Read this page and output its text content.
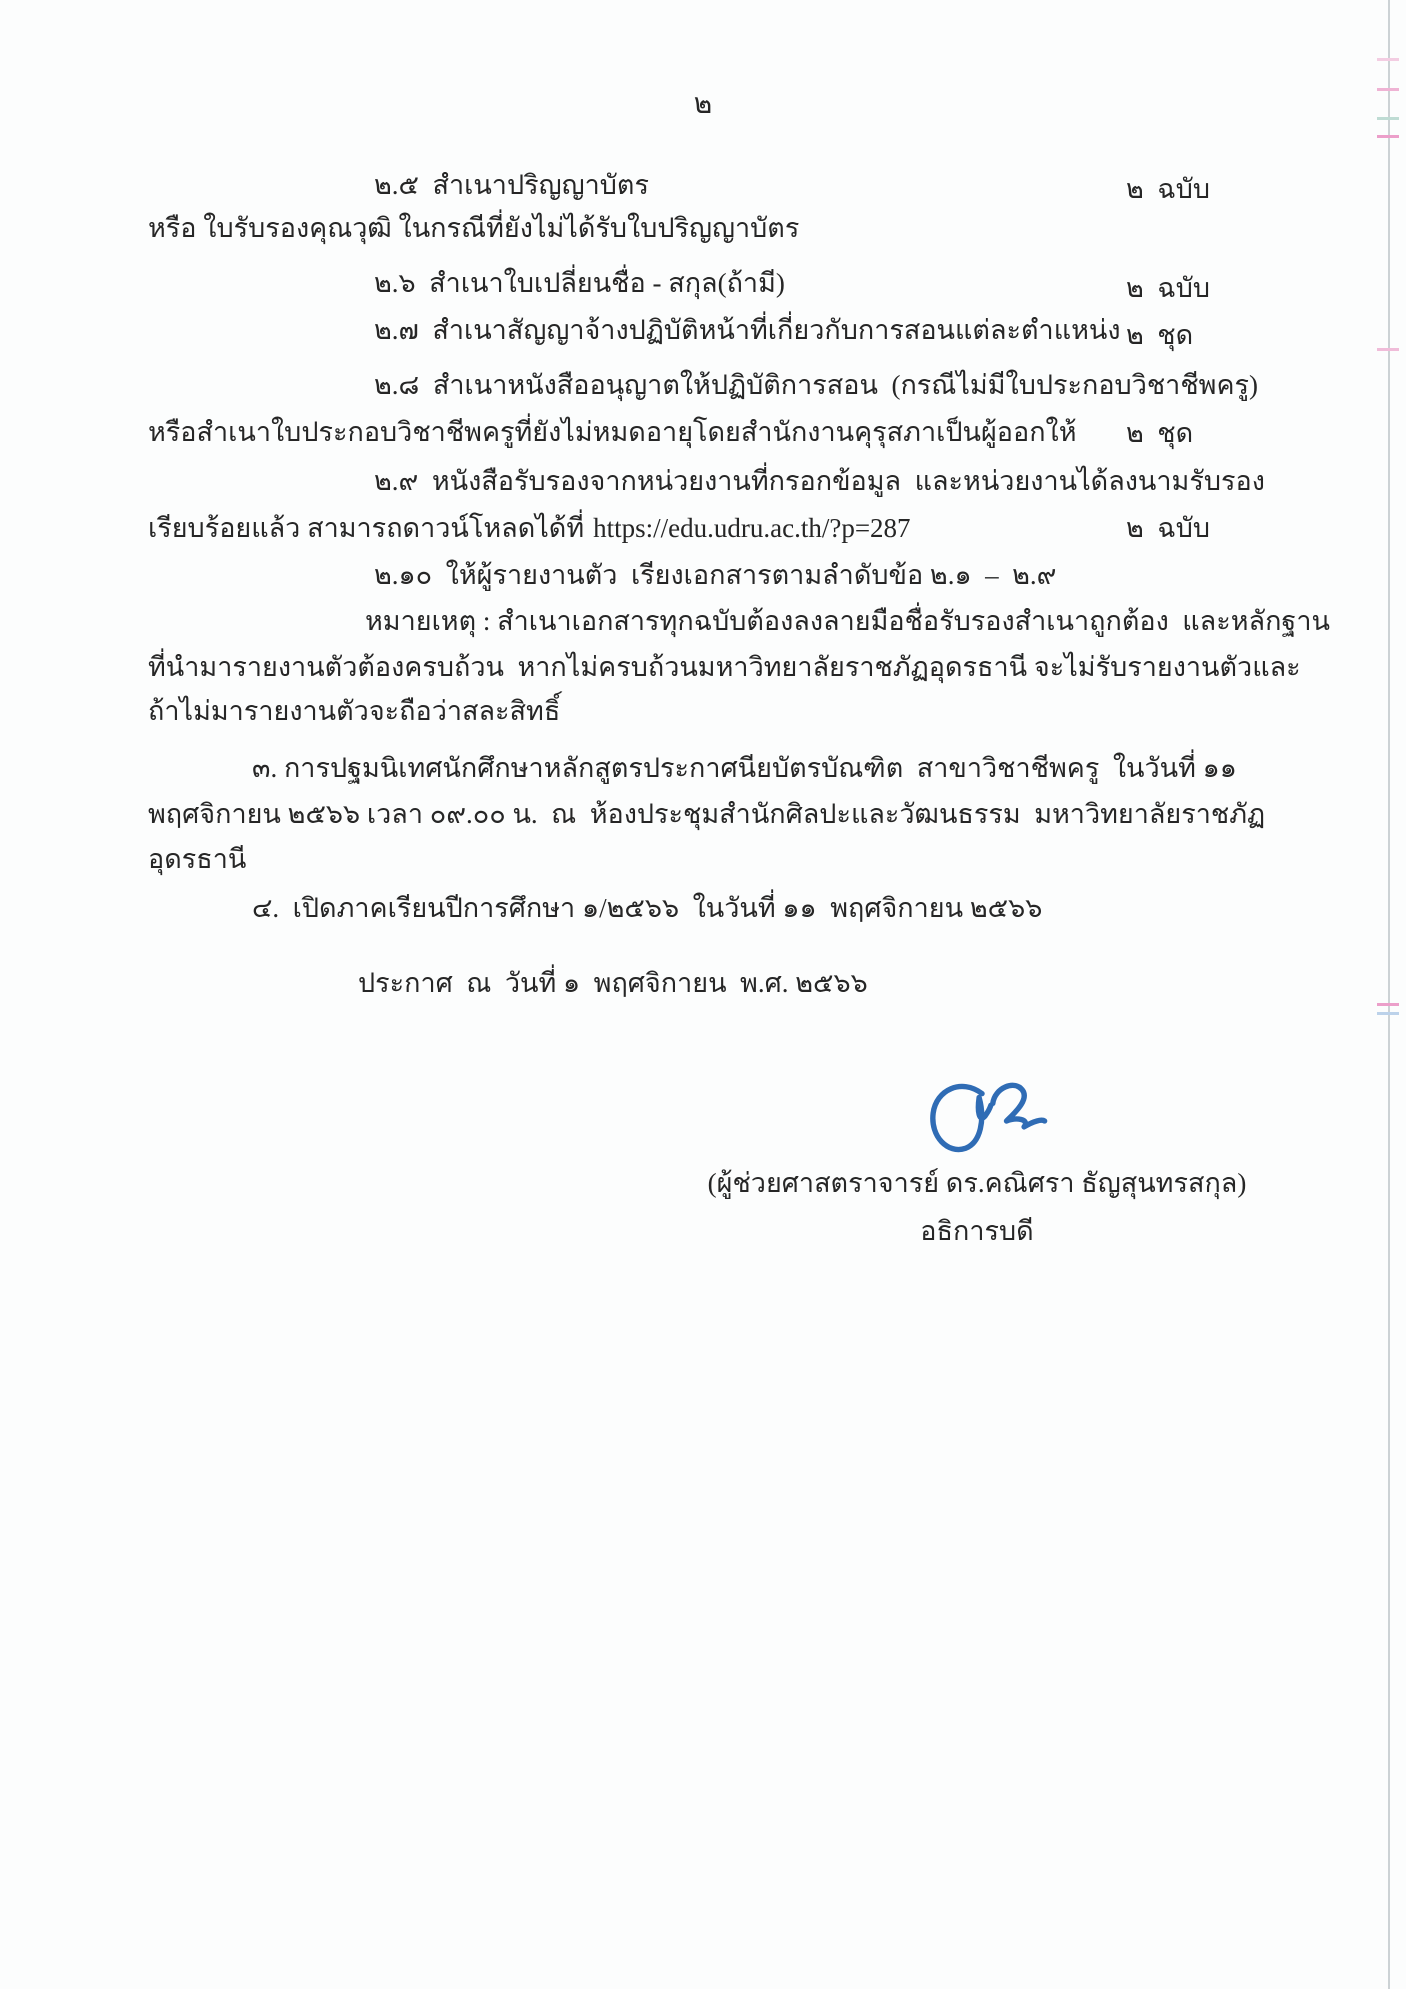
๒
๒.๕  สำเนาปริญญาบัตร	๒  ฉบับ
หรือ ใบรับรองคุณวุฒิ ในกรณีที่ยังไม่ได้รับใบปริญญาบัตร
๒.๖  สำเนาใบเปลี่ยนชื่อ - สกุล(ถ้ามี)	๒  ฉบับ
๒.๗  สำเนาสัญญาจ้างปฏิบัติหน้าที่เกี่ยวกับการสอนแต่ละตำแหน่ง ๒  ชุด
๒.๘  สำเนาหนังสืออนุญาตให้ปฏิบัติการสอน  (กรณีไม่มีใบประกอบวิชาชีพครู)
หรือสำเนาใบประกอบวิชาชีพครูที่ยังไม่หมดอายุโดยสำนักงานคุรุสภาเป็นผู้ออกให้ ๒  ชุด
๒.๙  หนังสือรับรองจากหน่วยงานที่กรอกข้อมูล  และหน่วยงานได้ลงนามรับรอง
เรียบร้อยแล้ว สามารถดาวน์โหลดได้ที่ https://edu.udru.ac.th/?p=287	๒  ฉบับ
๒.๑๐  ให้ผู้รายงานตัว  เรียงเอกสารตามลำดับข้อ ๒.๑  –  ๒.๙
หมายเหตุ : สำเนาเอกสารทุกฉบับต้องลงลายมือชื่อรับรองสำเนาถูกต้อง  และหลักฐาน
ที่นำมารายงานตัวต้องครบถ้วน  หากไม่ครบถ้วนมหาวิทยาลัยราชภัฏอุดรธานี จะไม่รับรายงานตัวและ
ถ้าไม่มารายงานตัวจะถือว่าสละสิทธิ์
๓. การปฐมนิเทศนักศึกษาหลักสูตรประกาศนียบัตรบัณฑิต  สาขาวิชาชีพครู  ในวันที่ ๑๑
พฤศจิกายน ๒๕๖๖ เวลา ๐๙.๐๐ น.  ณ  ห้องประชุมสำนักศิลปะและวัฒนธรรม  มหาวิทยาลัยราชภัฏ
อุดรธานี
๔.  เปิดภาคเรียนปีการศึกษา ๑/๒๕๖๖  ในวันที่ ๑๑  พฤศจิกายน ๒๕๖๖
ประกาศ  ณ  วันที่ ๑  พฤศจิกายน  พ.ศ. ๒๕๖๖
(ผู้ช่วยศาสตราจารย์ ดร.คณิศรา ธัญสุนทรสกุล)
อธิการบดี
